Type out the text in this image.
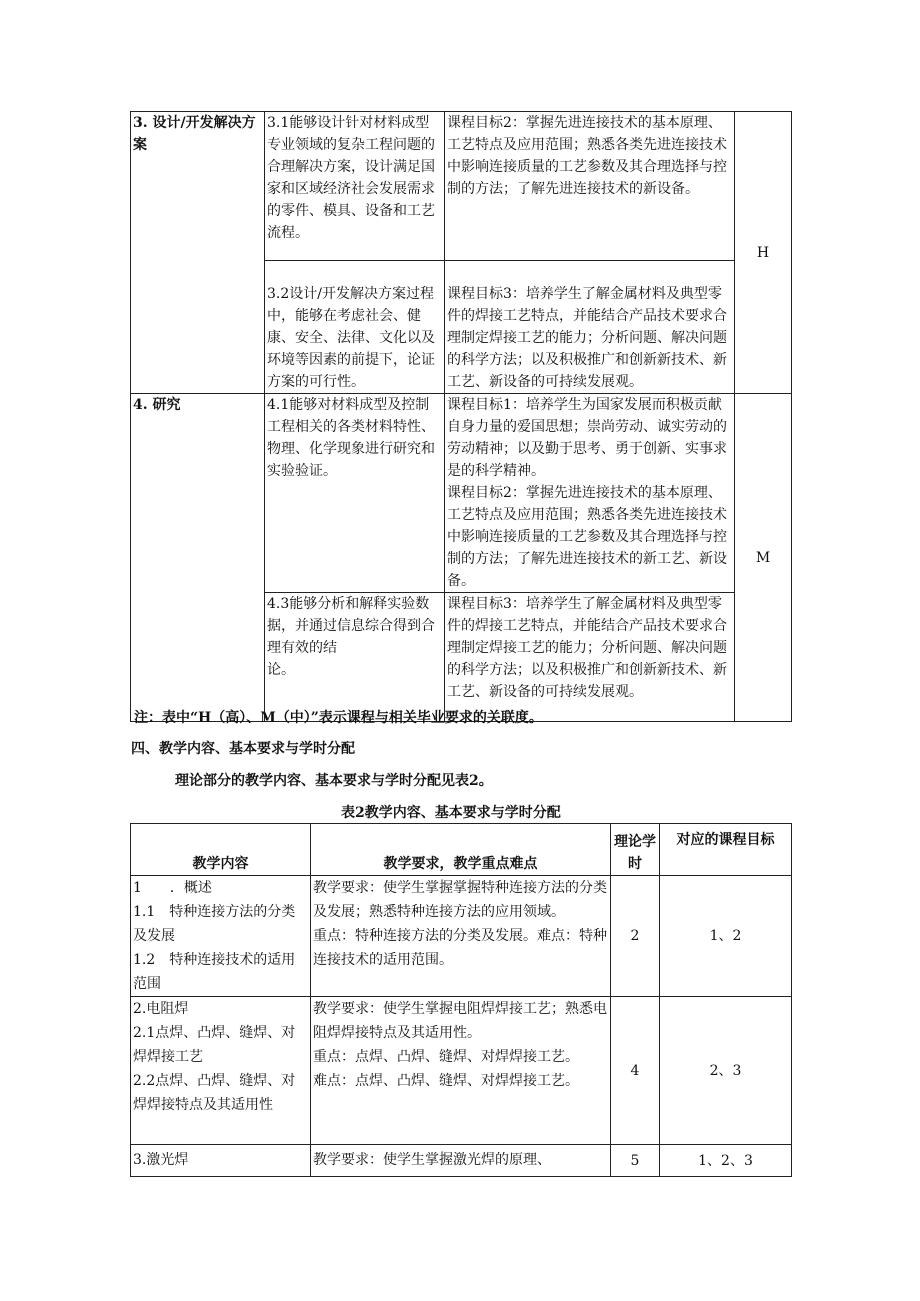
3. 设计/开发解决方案	3.1能够设计针对材料成型专业领域的复杂工程问题的合理解决方案，设计满足国家和区域经济社会发展需求的零件、模具、设备和工艺流程。	课程目标2：掌握先进连接技术的基本原理、工艺特点及应用范围；熟悉各类先进连接技术中影响连接质量的工艺参数及其合理选择与控制的方法；了解先进连接技术的新设备。	H
	3.2设计/开发解决方案过程中，能够在考虑社会、健康、安全、法律、文化以及环境等因素的前提下，论证方案的可行性。	课程目标3：培养学生了解金属材料及典型零件的焊接工艺特点，并能结合产品技术要求合理制定焊接工艺的能力；分析问题、解决问题的科学方法；以及积极推广和创新新技术、新工艺、新设备的可持续发展观。	
4. 研究	4.1能够对材料成型及控制工程相关的各类材料特性、物理、化学现象进行研究和实验验证。	课程目标1：培养学生为国家发展而积极贡献自身力量的爱国思想；崇尚劳动、诚实劳动的劳动精神；以及勤于思考、勇于创新、实事求是的科学精神。
课程目标2：掌握先进连接技术的基本原理、工艺特点及应用范围；熟悉各类先进连接技术中影响连接质量的工艺参数及其合理选择与控制的方法；了解先进连接技术的新工艺、新设备。	M
	4.3能够分析和解释实验数据，并通过信息综合得到合理有效的结
论。	课程目标3：培养学生了解金属材料及典型零件的焊接工艺特点，并能结合产品技术要求合理制定焊接工艺的能力；分析问题、解决问题的科学方法；以及积极推广和创新新技术、新工艺、新设备的可持续发展观。	
注：表中“H（高）、M（中）”表示课程与相关毕业要求的关联度。
四、教学内容、基本要求与学时分配
理论部分的教学内容、基本要求与学时分配见表2。
表2教学内容、基本要求与学时分配
教学内容	教学要求，教学重点难点	理论学时	对应的课程目标
1　　．概述
1.1　特种连接方法的分类及发展
1.2　特种连接技术的适用范围	教学要求：使学生掌握掌握特种连接方法的分类及发展；熟悉特种连接方法的应用领域。
重点：特种连接方法的分类及发展。难点：特种连接技术的适用范围。	2	1、2
2.电阻焊
2.1点焊、凸焊、缝焊、对焊焊接工艺
2.2点焊、凸焊、缝焊、对焊焊接特点及其适用性	教学要求：使学生掌握电阻焊焊接工艺；熟悉电阻焊焊接特点及其适用性。
重点：点焊、凸焊、缝焊、对焊焊接工艺。
难点：点焊、凸焊、缝焊、对焊焊接工艺。	4	2、3
3.激光焊	教学要求：使学生掌握激光焊的原理、	5	1、2、3
